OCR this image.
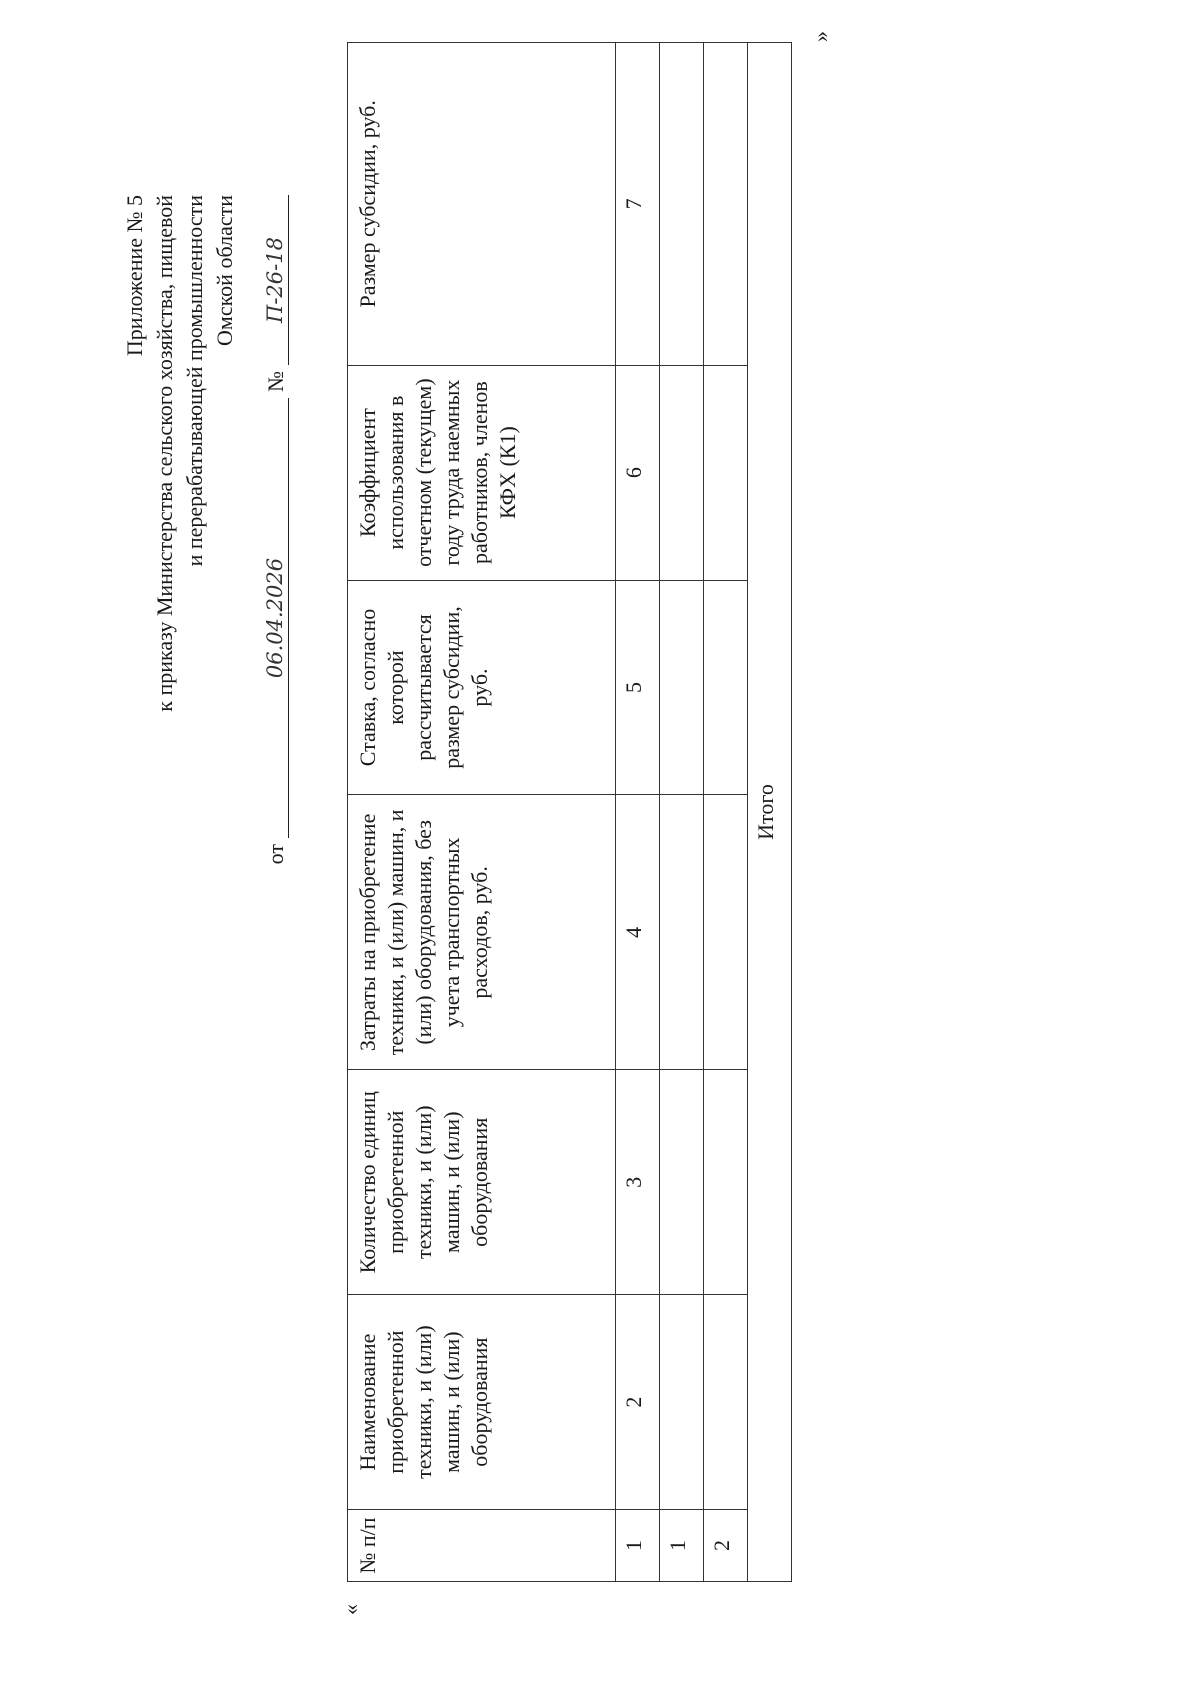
Приложение № 5 к приказу Министерства сельского хозяйства, пищевой и перерабатывающей промышленности Омской области
от
06.04.2026
№
П-26-18
«
»
№ п/п	Наименование приобретенной техники, и (или) машин, и (или) оборудования	Количество единиц приобретенной техники, и (или) машин, и (или) оборудования	Затраты на приобретение техники, и (или) машин, и (или) оборудования, без учета транспортных расходов, руб.	Ставка, согласно которой рассчитывается размер субсидии, руб.	Коэффициент использования в отчетном (текущем) году труда наемных работников, членов КФХ (К1)	Размер субсидии, руб.
1	2	3	4	5	6	7
1						
2						
Итого						
